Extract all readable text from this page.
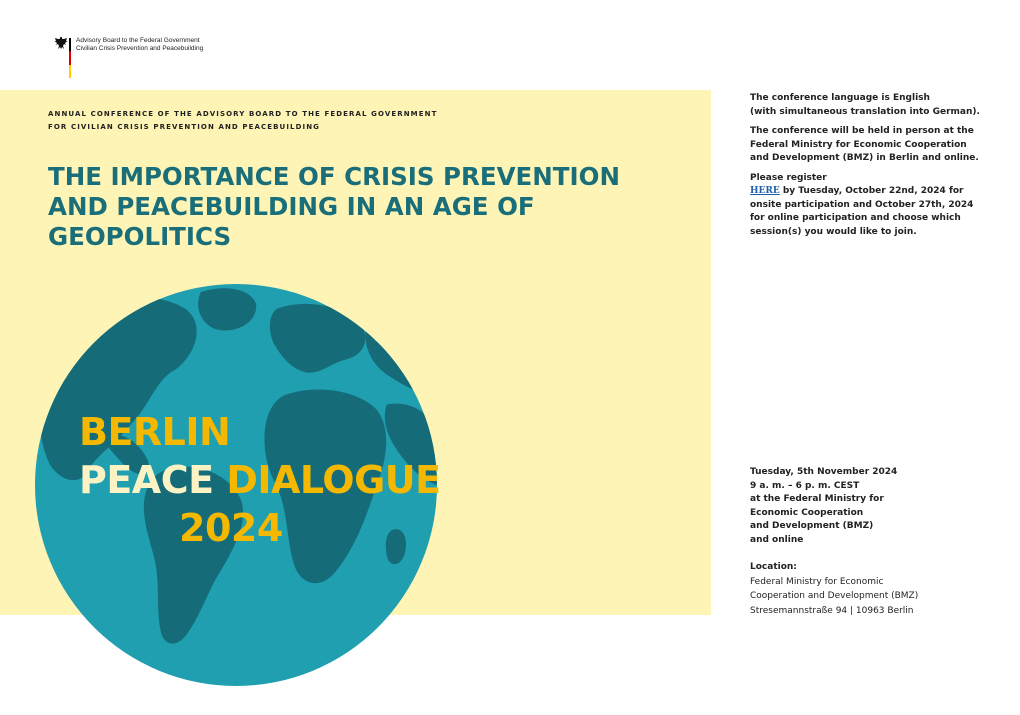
Advisory Board to the Federal Government
Civilian Crisis Prevention and Peacebuilding
ANNUAL CONFERENCE OF THE ADVISORY BOARD TO THE FEDERAL GOVERNMENT
FOR CIVILIAN CRISIS PREVENTION AND PEACEBUILDING
THE IMPORTANCE OF CRISIS PREVENTION
AND PEACEBUILDING IN AN AGE OF
GEOPOLITICS
BERLIN
PEACE DIALOGUE
2024

The conference language is English
(with simultaneous translation into German).

The conference will be held in person at the
Federal Ministry for Economic Cooperation
and Development (BMZ) in Berlin and online.

Please register
HERE by Tuesday, October 22nd, 2024 for
onsite participation and October 27th, 2024
for online participation and choose which
session(s) you would like to join.

Tuesday, 5th November 2024
9 a. m. – 6 p. m. CEST
at the Federal Ministry for
Economic Cooperation
and Development (BMZ)
and online
Location:
Federal Ministry for Economic
Cooperation and Development (BMZ)
Stresemannstraße 94 | 10963 Berlin
